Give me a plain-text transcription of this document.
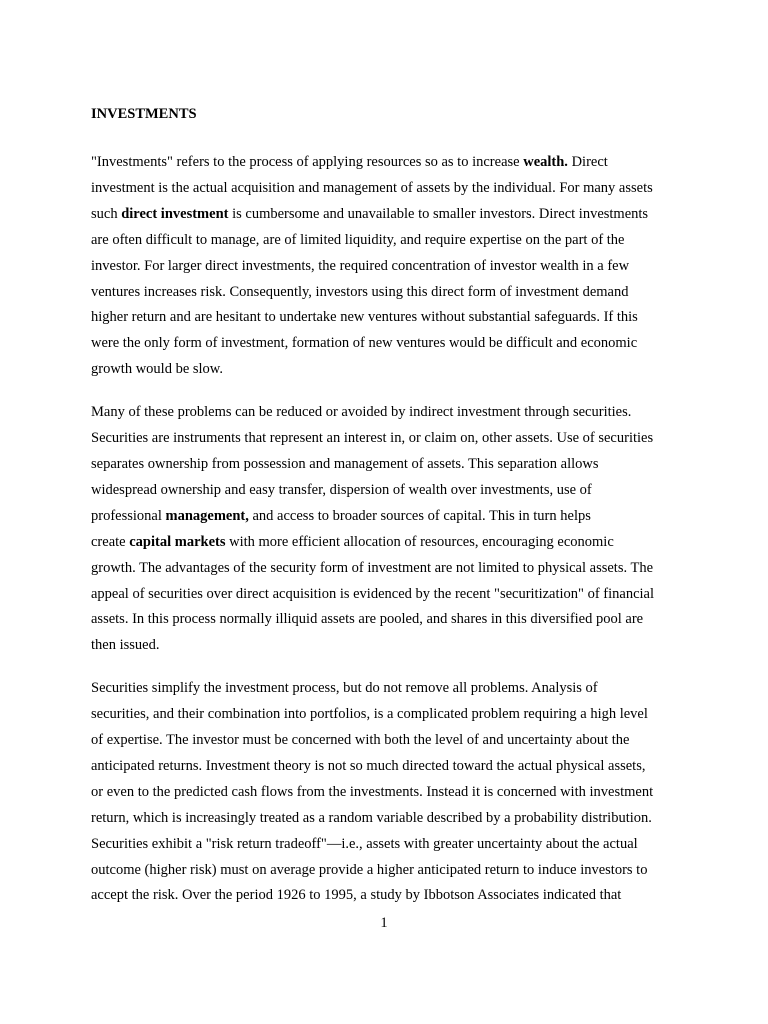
INVESTMENTS
"Investments" refers to the process of applying resources so as to increase wealth. Direct
investment is the actual acquisition and management of assets by the individual. For many assets
such direct investment is cumbersome and unavailable to smaller investors. Direct investments
are often difficult to manage, are of limited liquidity, and require expertise on the part of the
investor. For larger direct investments, the required concentration of investor wealth in a few
ventures increases risk. Consequently, investors using this direct form of investment demand
higher return and are hesitant to undertake new ventures without substantial safeguards. If this
were the only form of investment, formation of new ventures would be difficult and economic
growth would be slow.
Many of these problems can be reduced or avoided by indirect investment through securities.
Securities are instruments that represent an interest in, or claim on, other assets. Use of securities
separates ownership from possession and management of assets. This separation allows
widespread ownership and easy transfer, dispersion of wealth over investments, use of
professional management, and access to broader sources of capital. This in turn helps
create capital markets with more efficient allocation of resources, encouraging economic
growth. The advantages of the security form of investment are not limited to physical assets. The
appeal of securities over direct acquisition is evidenced by the recent "securitization" of financial
assets. In this process normally illiquid assets are pooled, and shares in this diversified pool are
then issued.
Securities simplify the investment process, but do not remove all problems. Analysis of
securities, and their combination into portfolios, is a complicated problem requiring a high level
of expertise. The investor must be concerned with both the level of and uncertainty about the
anticipated returns. Investment theory is not so much directed toward the actual physical assets,
or even to the predicted cash flows from the investments. Instead it is concerned with investment
return, which is increasingly treated as a random variable described by a probability distribution.
Securities exhibit a "risk return tradeoff"—i.e., assets with greater uncertainty about the actual
outcome (higher risk) must on average provide a higher anticipated return to induce investors to
accept the risk. Over the period 1926 to 1995, a study by Ibbotson Associates indicated that
1
